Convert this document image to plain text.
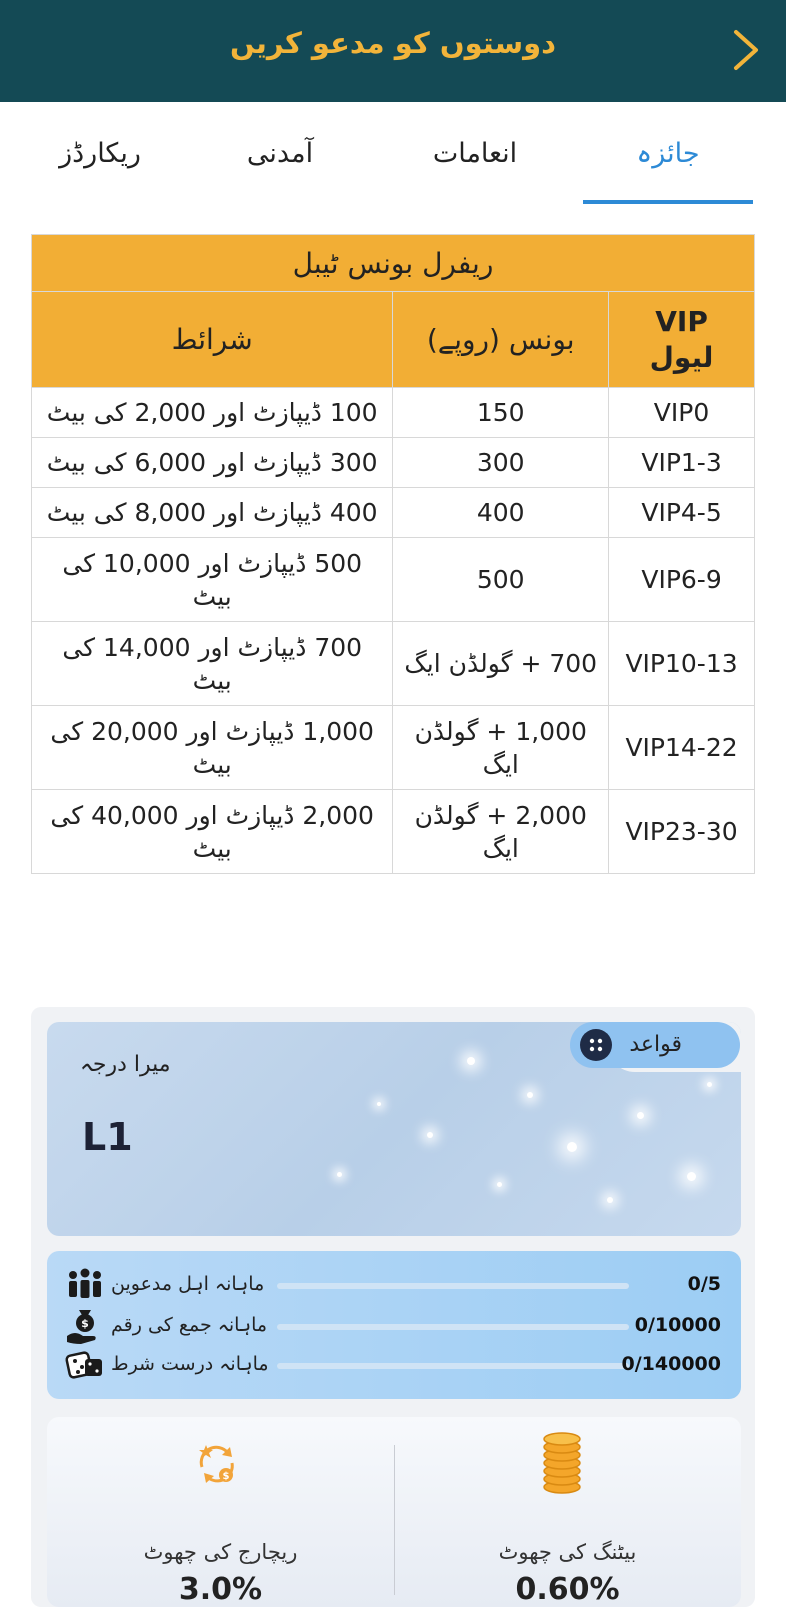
دوستوں کو مدعو کریں
جائزہ
انعامات
آمدنی
ریکارڈز
ریفرل بونس ٹیبل		
شرائط	بونس (روپے)	VIP لیول

100 ڈیپازٹ اور 2,000 کی بیٹ	150	VIP0
300 ڈیپازٹ اور 6,000 کی بیٹ	300	VIP1-3
400 ڈیپازٹ اور 8,000 کی بیٹ	400	VIP4-5
500 ڈیپازٹ اور 10,000 کی بیٹ	500	VIP6-9
700 ڈیپازٹ اور 14,000 کی بیٹ	700 + گولڈن ایگ	VIP10-13
1,000 ڈیپازٹ اور 20,000 کی بیٹ	1,000 + گولڈن ایگ	VIP14-22
2,000 ڈیپازٹ اور 40,000 کی بیٹ	2,000 + گولڈن ایگ	VIP23-30
قواعد
میرا درجہ
L1
ماہانہ اہل مدعوین	0/5
$ ماہانہ جمع کی رقم	0/10000
ماہانہ درست شرط	0/140000
$
ریچارج کی چھوٹ
3.0%
بیٹنگ کی چھوٹ
0.60%
